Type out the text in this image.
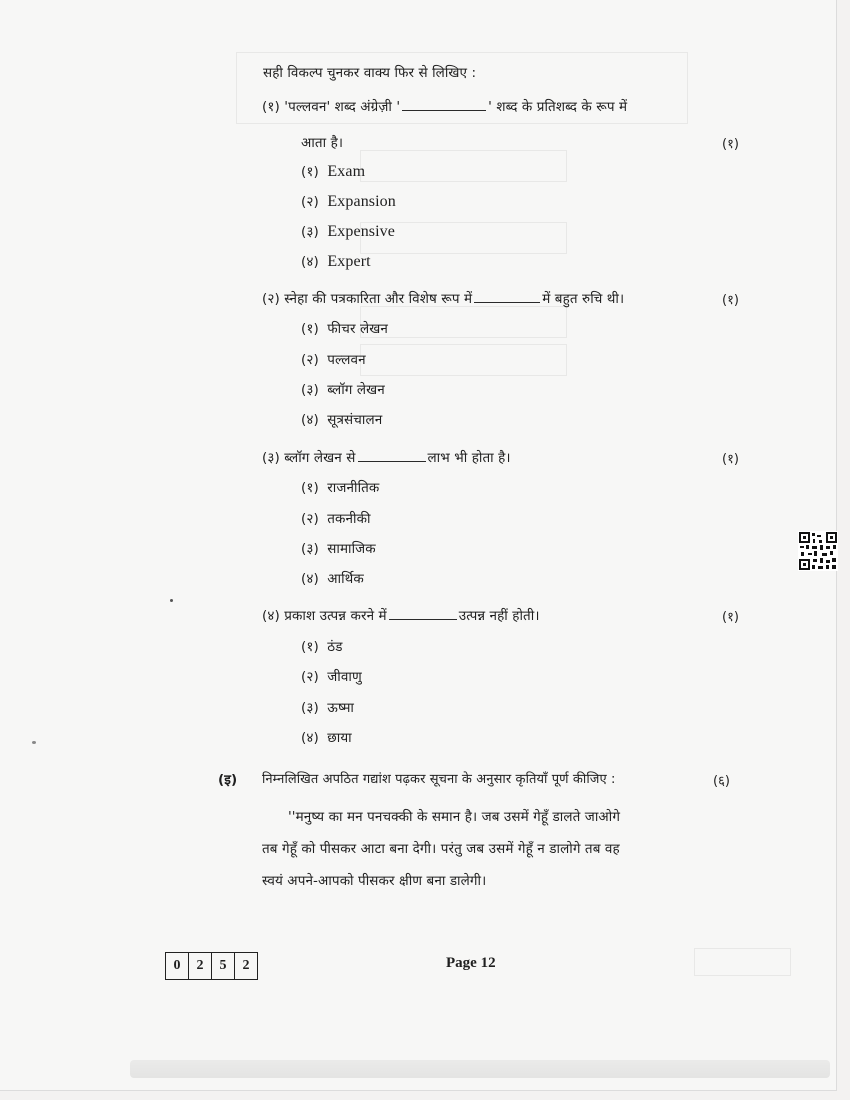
सही विकल्प चुनकर वाक्य फिर से लिखिए :
(१) 'पल्लवन' शब्द अंग्रेज़ी '	' शब्द के प्रतिशब्द के रूप में
आता है।	(१)
(१) Exam
(२) Expansion
(३) Expensive
(४) Expert
(२) स्नेहा की पत्रकारिता और विशेष रूप में	में बहुत रुचि थी।	(१)
(१) फीचर लेखन
(२) पल्लवन
(३) ब्लॉग लेखन
(४) सूत्रसंचालन
(३) ब्लॉग लेखन से	लाभ भी होता है।	(१)
(१) राजनीतिक
(२) तकनीकी
(३) सामाजिक
(४) आर्थिक
(४) प्रकाश उत्पन्न करने में	उत्पन्न नहीं होती।	(१)
(१) ठंड
(२) जीवाणु
(३) ऊष्मा
(४) छाया
(इ) निम्नलिखित अपठित गद्यांश पढ़कर सूचना के अनुसार कृतियाँ पूर्ण कीजिए :	(६)
''मनुष्य का मन पनचक्की के समान है। जब उसमें गेहूँ डालते जाओगे
तब गेहूँ को पीसकर आटा बना देगी। परंतु जब उसमें गेहूँ न डालोगे तब वह
स्वयं अपने-आपको पीसकर क्षीण बना डालेगी।
0	2	5	2	Page 12
